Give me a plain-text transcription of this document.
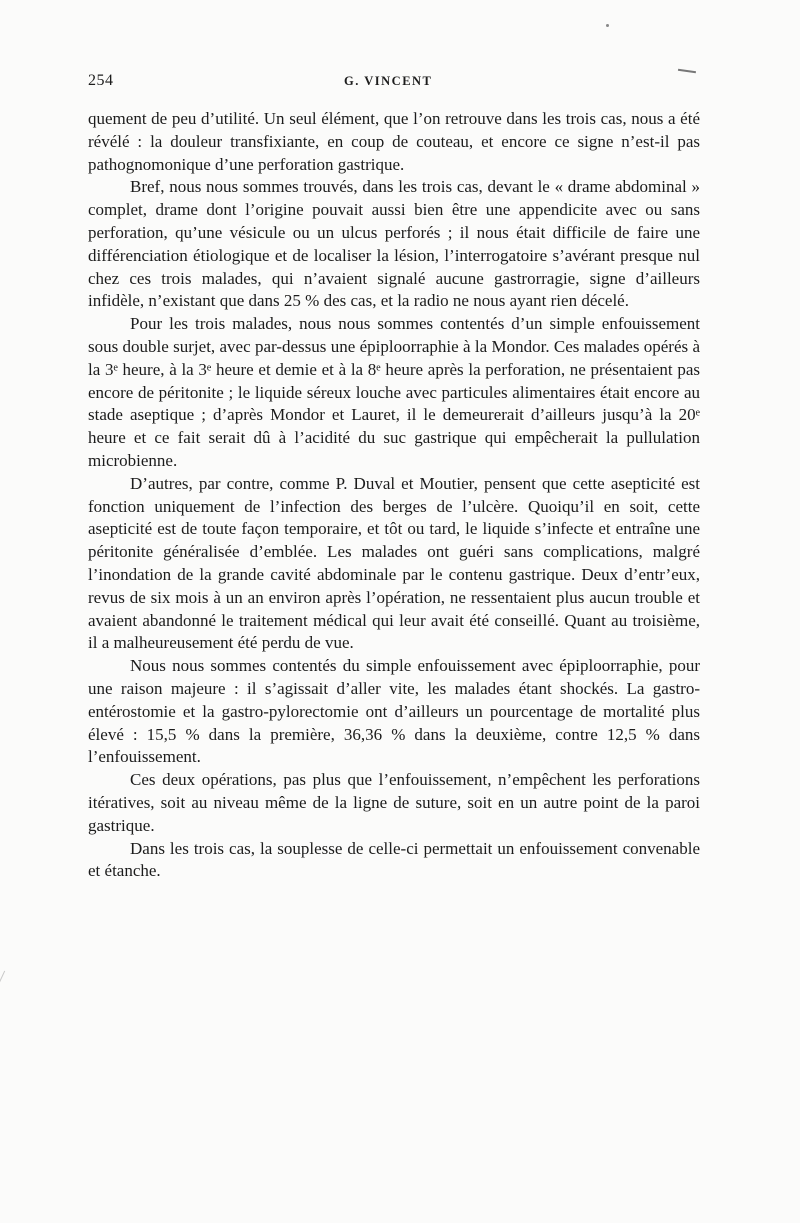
254	G. VINCENT

quement de peu d’utilité. Un seul élément, que l’on retrouve dans les trois cas, nous a été révélé : la douleur transfixiante, en coup de couteau, et encore ce signe n’est-il pas pathognomonique d’une perforation gastrique.

Bref, nous nous sommes trouvés, dans les trois cas, devant le « drame abdominal » complet, drame dont l’origine pouvait aussi bien être une appendicite avec ou sans perforation, qu’une vésicule ou un ulcus perforés ; il nous était difficile de faire une différenciation étiologique et de localiser la lésion, l’interrogatoire s’avérant presque nul chez ces trois malades, qui n’avaient signalé aucune gastrorragie, signe d’ailleurs infidèle, n’existant que dans 25 % des cas, et la radio ne nous ayant rien décelé.

Pour les trois malades, nous nous sommes contentés d’un simple enfouissement sous double surjet, avec par-dessus une épiploorraphie à la Mondor. Ces malades opérés à la 3ᵉ heure, à la 3ᵉ heure et demie et à la 8ᵉ heure après la perforation, ne présentaient pas encore de péritonite ; le liquide séreux louche avec particules alimentaires était encore au stade aseptique ; d’après Mondor et Lauret, il le demeurerait d’ailleurs jusqu’à la 20ᵉ heure et ce fait serait dû à l’acidité du suc gastrique qui empêcherait la pullulation microbienne.

D’autres, par contre, comme P. Duval et Moutier, pensent que cette asepticité est fonction uniquement de l’infection des berges de l’ulcère. Quoiqu’il en soit, cette asepticité est de toute façon temporaire, et tôt ou tard, le liquide s’infecte et entraîne une péritonite généralisée d’emblée. Les malades ont guéri sans complications, malgré l’inondation de la grande cavité abdominale par le contenu gastrique. Deux d’entr’eux, revus de six mois à un an environ après l’opération, ne ressentaient plus aucun trouble et avaient abandonné le traitement médical qui leur avait été conseillé. Quant au troisième, il a malheureusement été perdu de vue.

Nous nous sommes contentés du simple enfouissement avec épiploorraphie, pour une raison majeure : il s’agissait d’aller vite, les malades étant shockés. La gastro-entérostomie et la gastro-pylorectomie ont d’ailleurs un pourcentage de mortalité plus élevé : 15,5 % dans la première, 36,36 % dans la deuxième, contre 12,5 % dans l’enfouissement.

Ces deux opérations, pas plus que l’enfouissement, n’empêchent les perforations itératives, soit au niveau même de la ligne de suture, soit en un autre point de la paroi gastrique.

Dans les trois cas, la souplesse de celle-ci permettait un enfouissement convenable et étanche.
